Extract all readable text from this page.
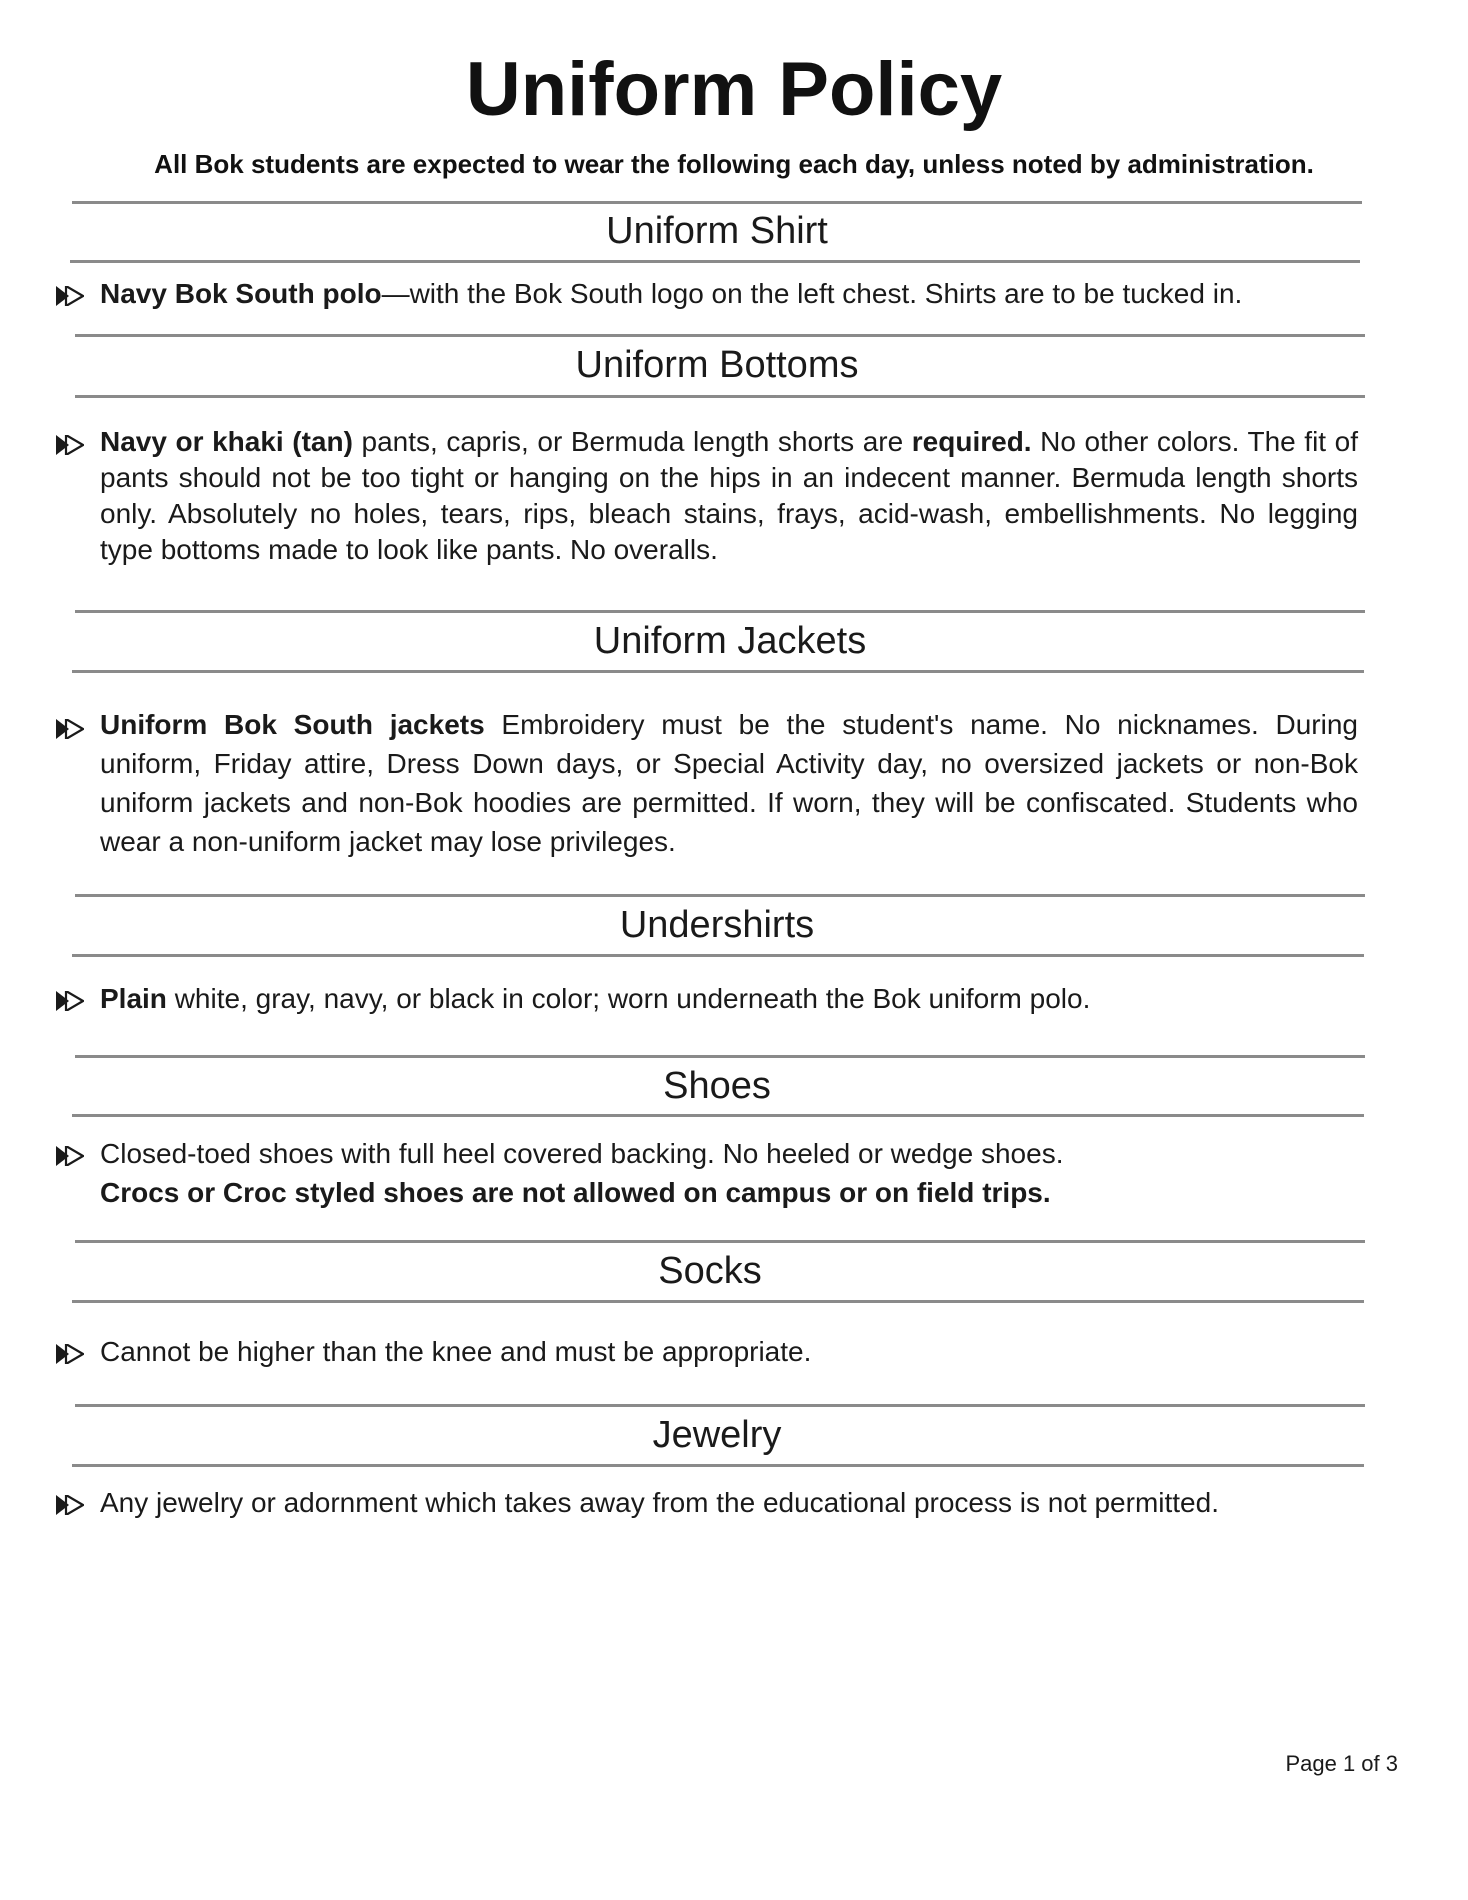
Uniform Policy
All Bok students are expected to wear the following each day, unless noted by administration.
Uniform Shirt
Navy Bok South polo—with the Bok South logo on the left chest. Shirts are to be tucked in.
Uniform Bottoms
Navy or khaki (tan) pants, capris, or Bermuda length shorts are required. No other colors. The fit of pants should not be too tight or hanging on the hips in an indecent manner. Bermuda length shorts only. Absolutely no holes, tears, rips, bleach stains, frays, acid-wash, embellishments. No legging type bottoms made to look like pants. No overalls.
Uniform Jackets
Uniform Bok South jackets Embroidery must be the student's name. No nicknames. During uniform, Friday attire, Dress Down days, or Special Activity day, no oversized jackets or non-Bok uniform jackets and non-Bok hoodies are permitted. If worn, they will be confiscated. Students who wear a non-uniform jacket may lose privileges.
Undershirts
Plain white, gray, navy, or black in color; worn underneath the Bok uniform polo.
Shoes
Closed-toed shoes with full heel covered backing. No heeled or wedge shoes.
Crocs or Croc styled shoes are not allowed on campus or on field trips.
Socks
Cannot be higher than the knee and must be appropriate.
Jewelry
Any jewelry or adornment which takes away from the educational process is not permitted.
Page 1 of 3
